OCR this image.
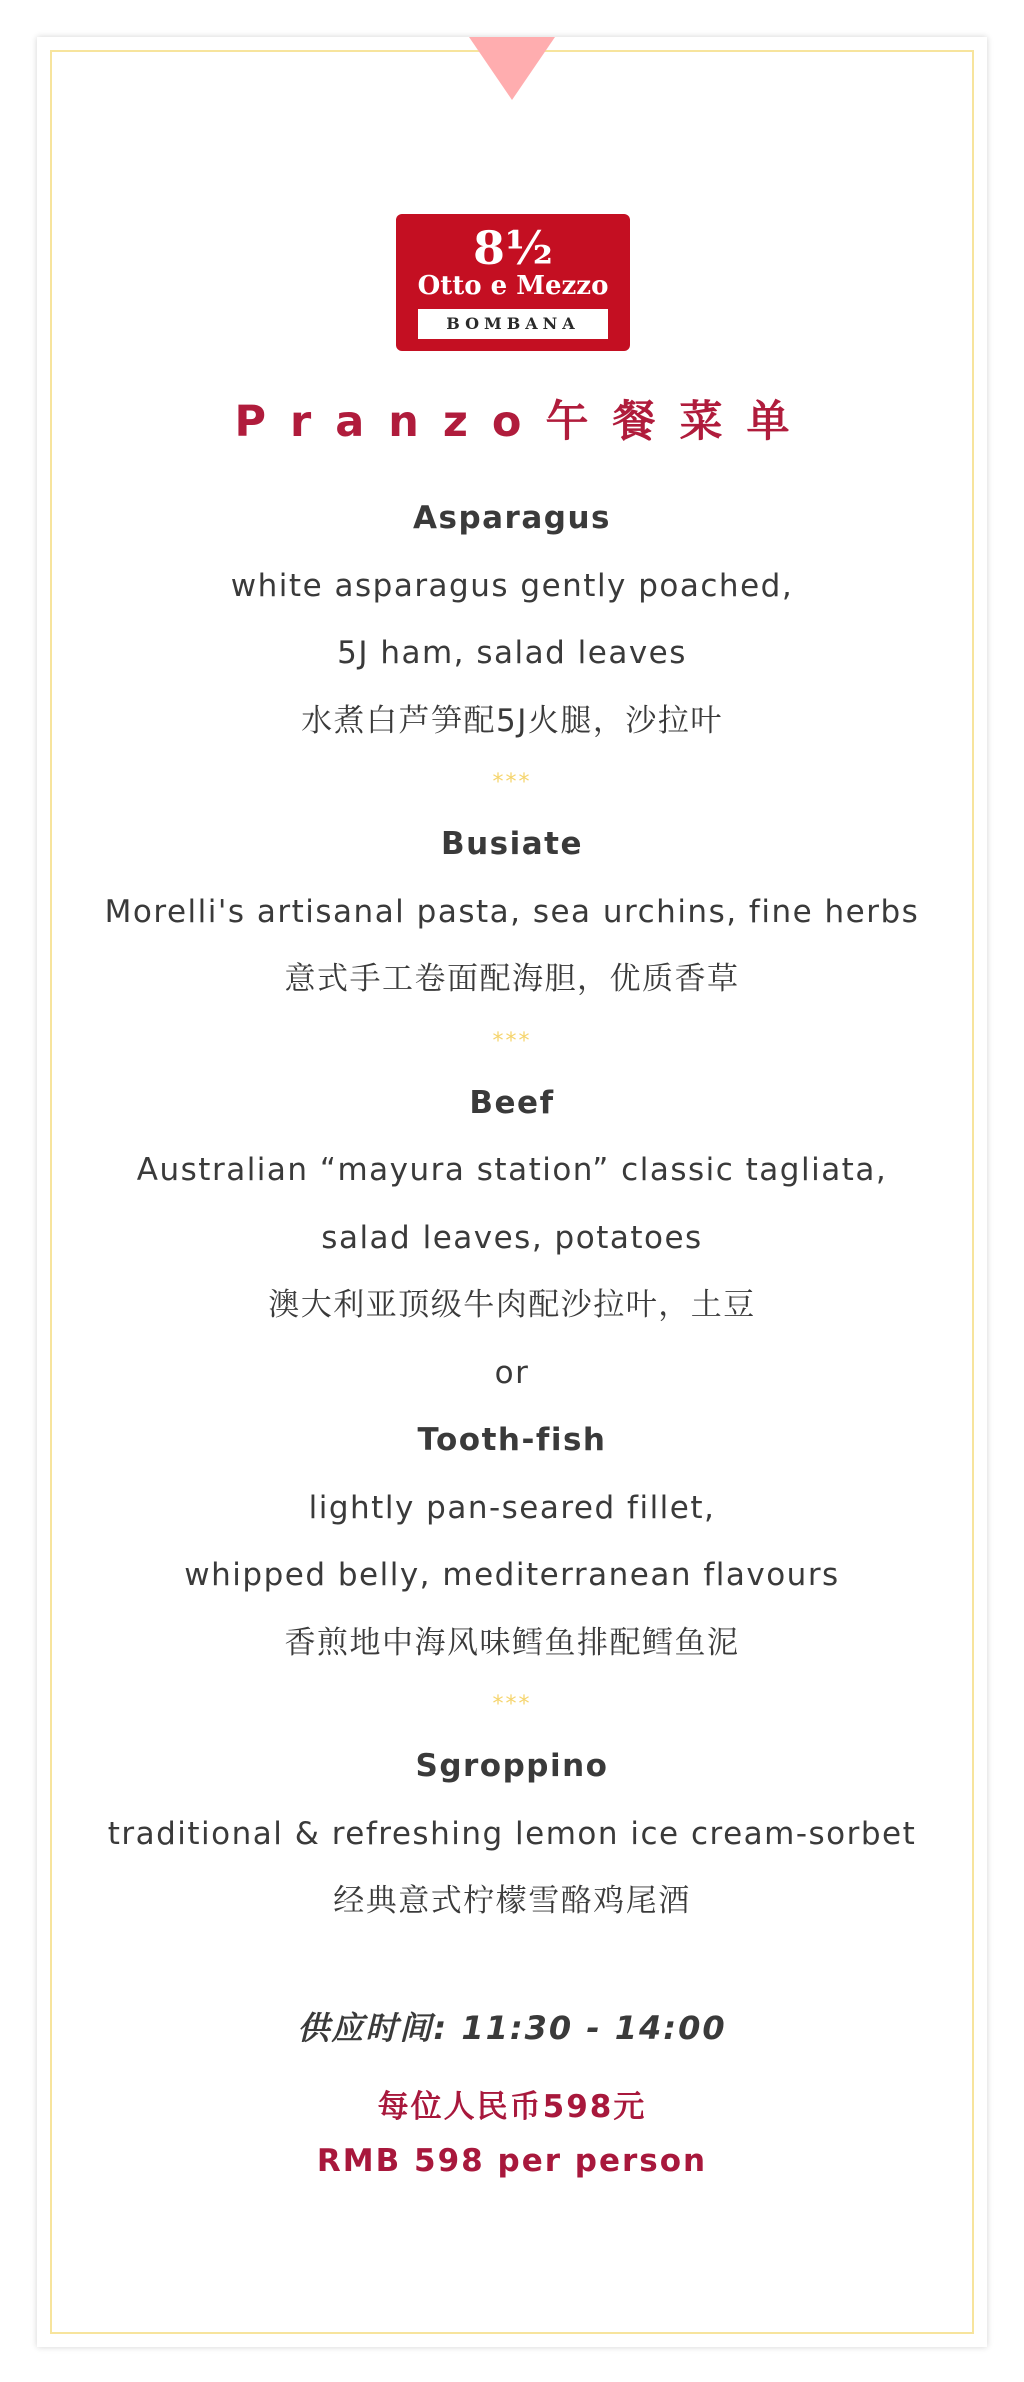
8½
Otto e Mezzo
BOMBANA
Pranzo午餐菜单
Asparagus
white asparagus gently poached,
5J ham, salad leaves
水煮白芦笋配5J火腿，沙拉叶
***
Busiate
Morelli's artisanal pasta, sea urchins, fine herbs
意式手工卷面配海胆，优质香草
***
Beef
Australian “mayura station” classic tagliata,
salad leaves, potatoes
澳大利亚顶级牛肉配沙拉叶，土豆
or
Tooth-fish
lightly pan-seared fillet,
whipped belly, mediterranean flavours
香煎地中海风味鳕鱼排配鳕鱼泥
***
Sgroppino
traditional & refreshing lemon ice cream-sorbet
经典意式柠檬雪酪鸡尾酒
供应时间: 11:30 - 14:00
每位人民币598元
RMB 598 per person
